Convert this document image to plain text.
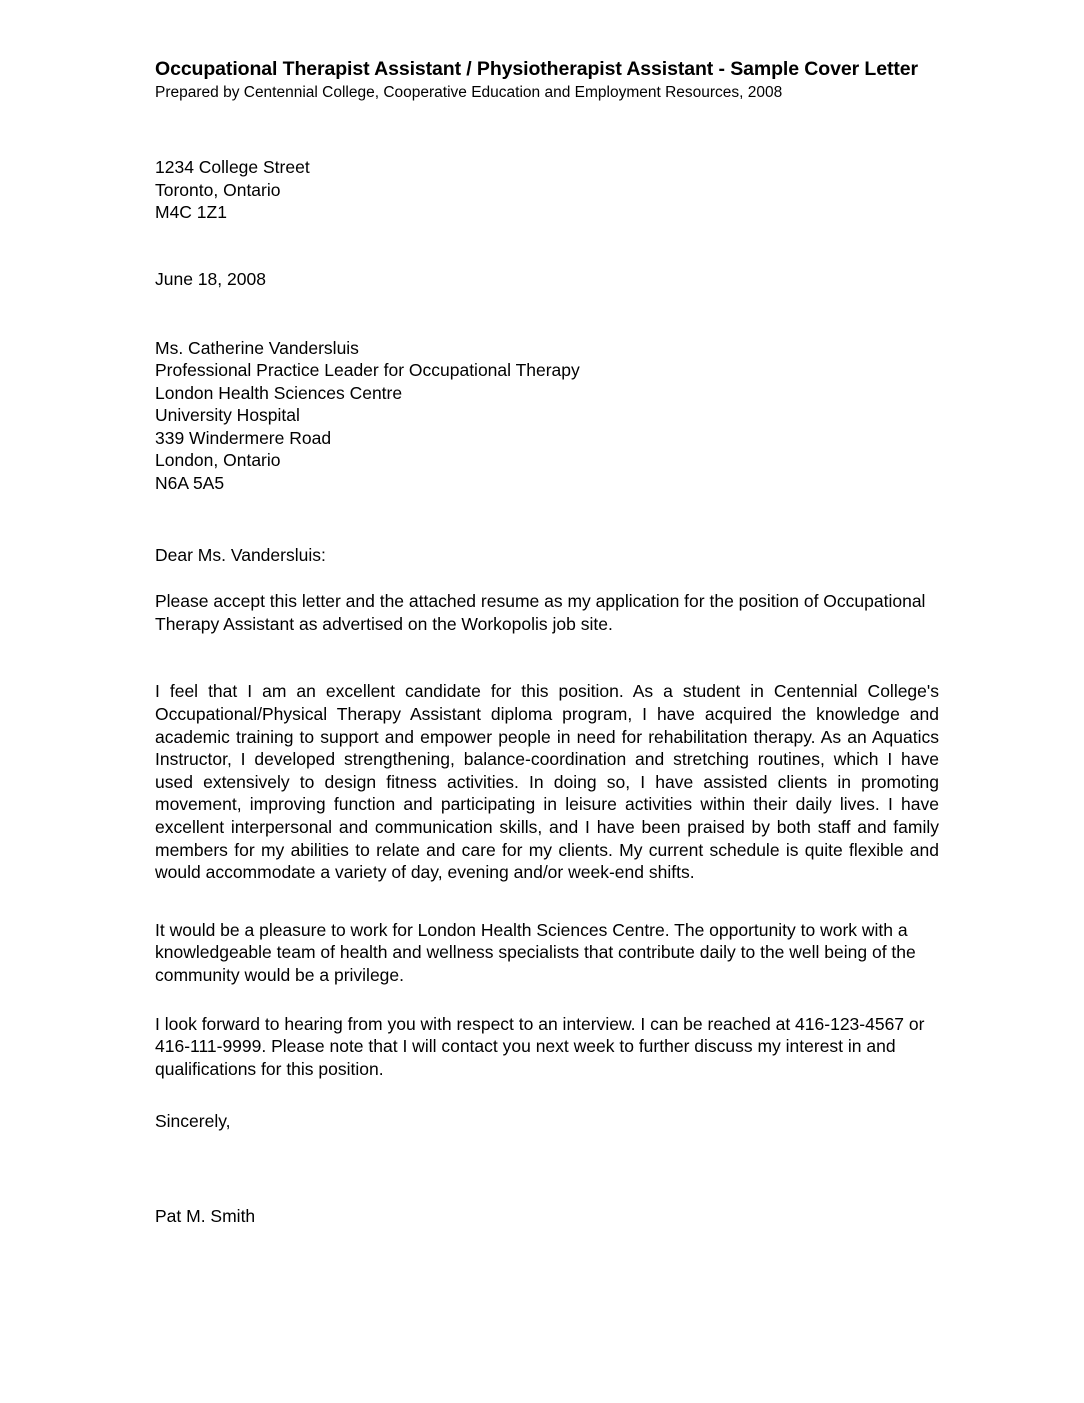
Occupational Therapist Assistant / Physiotherapist Assistant - Sample Cover Letter
Prepared by Centennial College, Cooperative Education and Employment Resources, 2008
1234 College Street
Toronto, Ontario
M4C 1Z1
June 18, 2008
Ms. Catherine Vandersluis
Professional Practice Leader for Occupational Therapy
London Health Sciences Centre
University Hospital
339 Windermere Road
London, Ontario
N6A 5A5
Dear Ms. Vandersluis:

Please accept this letter and the attached resume as my application for the position of Occupational Therapy Assistant as advertised on the Workopolis job site.

I feel that I am an excellent candidate for this position. As a student in Centennial College's Occupational/Physical Therapy Assistant diploma program, I have acquired the knowledge and academic training to support and empower people in need for rehabilitation therapy. As an Aquatics Instructor, I developed strengthening, balance-coordination and stretching routines, which I have used extensively to design fitness activities. In doing so, I have assisted clients in promoting movement, improving function and participating in leisure activities within their daily lives. I have excellent interpersonal and communication skills, and I have been praised by both staff and family members for my abilities to relate and care for my clients. My current schedule is quite flexible and would accommodate a variety of day, evening and/or week-end shifts.

It would be a pleasure to work for London Health Sciences Centre. The opportunity to work with a knowledgeable team of health and wellness specialists that contribute daily to the well being of the community would be a privilege.

I look forward to hearing from you with respect to an interview. I can be reached at 416-123-4567 or 416-111-9999. Please note that I will contact you next week to further discuss my interest in and qualifications for this position.

Sincerely,
Pat M. Smith
